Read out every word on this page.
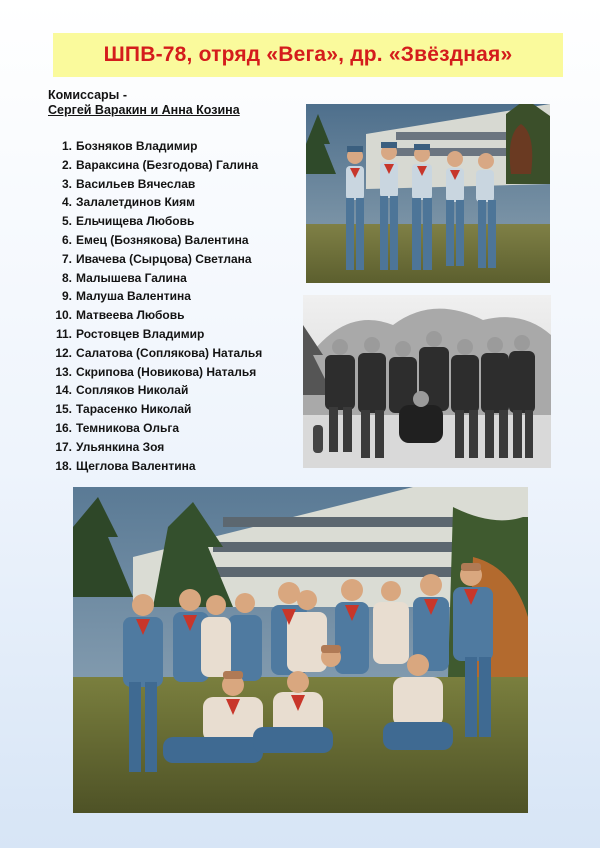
ШПВ-78, отряд «Вега», др. «Звёздная»
Комиссары -
Сергей Варакин и Анна Козина
1. Бозняков Владимир
2. Вараксина (Безгодова) Галина
3. Васильев Вячеслав
4. Залалетдинов Киям
5. Ельчищева Любовь
6. Емец (Бознякова) Валентина
7. Ивачева (Сырцова) Светлана
8. Малышева Галина
9. Малуша Валентина
10. Матвеева Любовь
11. Ростовцев Владимир
12. Салатова (Соплякова) Наталья
13. Скрипова (Новикова) Наталья
14. Сопляков Николай
15. Тарасенко Николай
16. Темникова Ольга
17. Ульянкина Зоя
18. Щеглова Валентина
